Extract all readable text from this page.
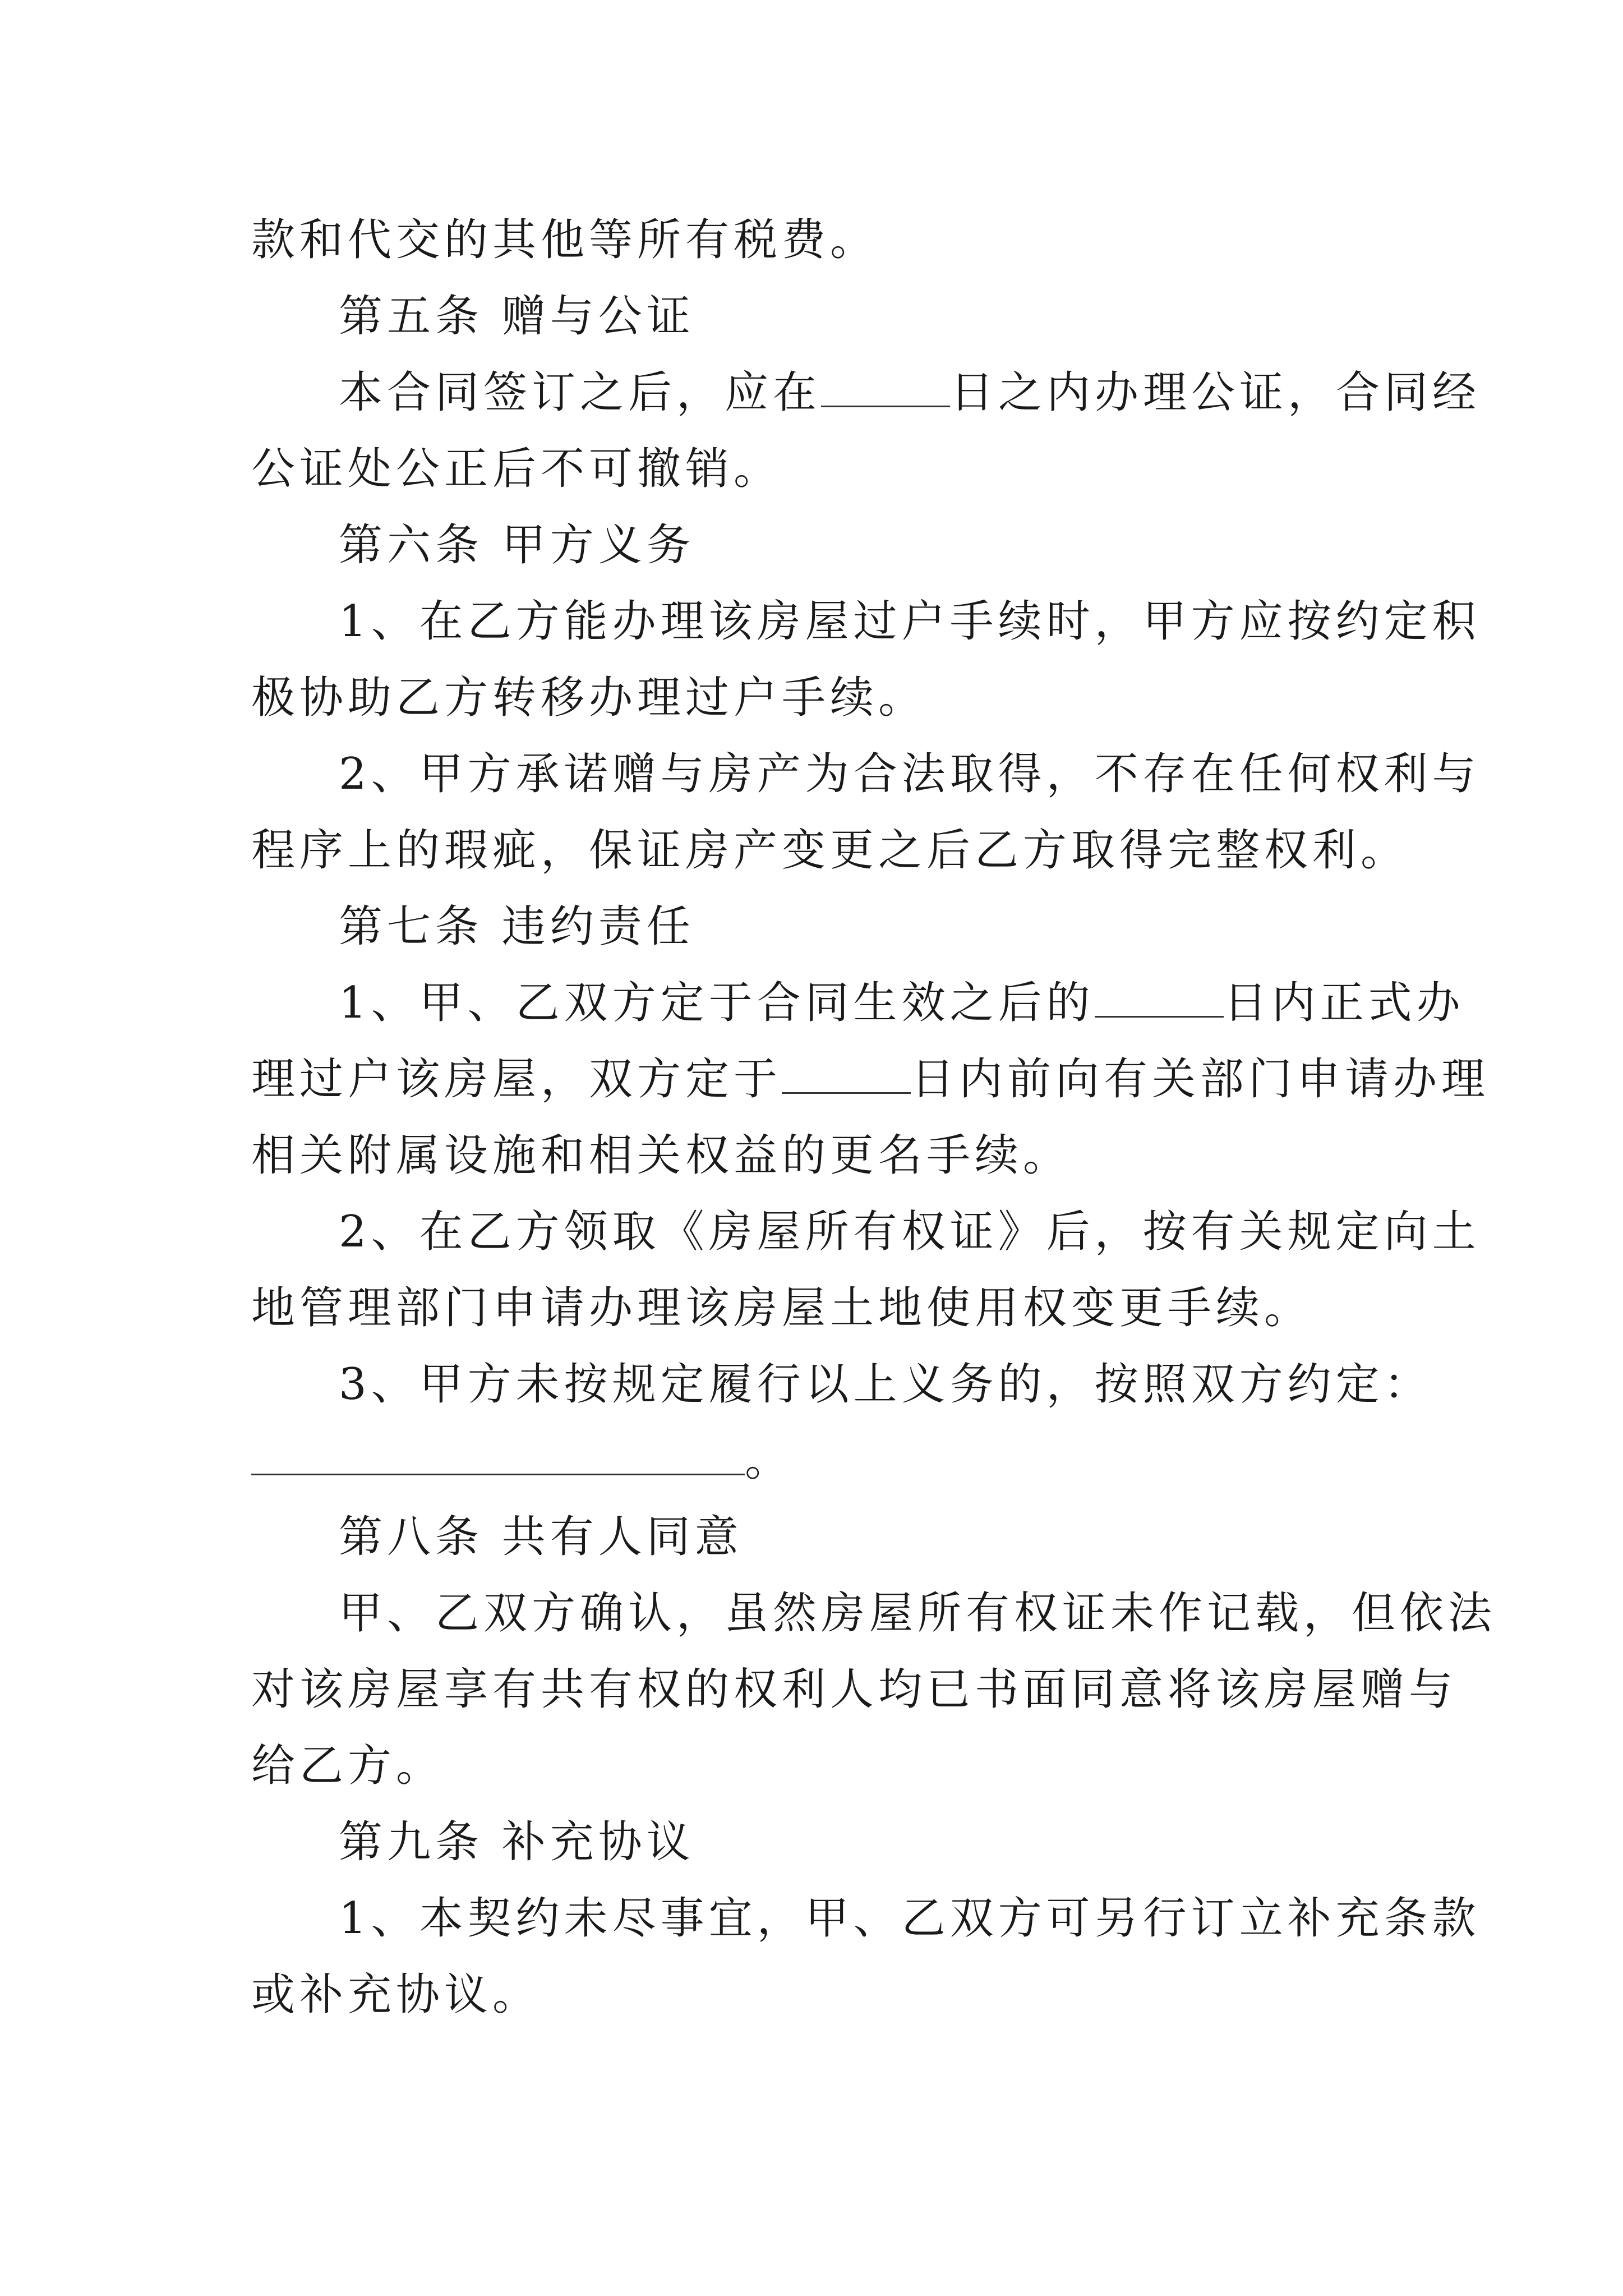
款和代交的其他等所有税费。
第五条 赠与公证
本合同签订之后，应在	日之内办理公证，合同经
公证处公正后不可撤销。
第六条 甲方义务
1、在乙方能办理该房屋过户手续时，甲方应按约定积
极协助乙方转移办理过户手续。
2、甲方承诺赠与房产为合法取得，不存在任何权利与
程序上的瑕疵，保证房产变更之后乙方取得完整权利。
第七条 违约责任
1、甲、乙双方定于合同生效之后的	日内正式办
理过户该房屋，双方定于	日内前向有关部门申请办理
相关附属设施和相关权益的更名手续。
2、在乙方领取《房屋所有权证》后，按有关规定向土
地管理部门申请办理该房屋土地使用权变更手续。
3、甲方未按规定履行以上义务的，按照双方约定：
。
第八条 共有人同意
甲、乙双方确认，虽然房屋所有权证未作记载，但依法
对该房屋享有共有权的权利人均已书面同意将该房屋赠与
给乙方。
第九条 补充协议
1、本契约未尽事宜，甲、乙双方可另行订立补充条款
或补充协议。
